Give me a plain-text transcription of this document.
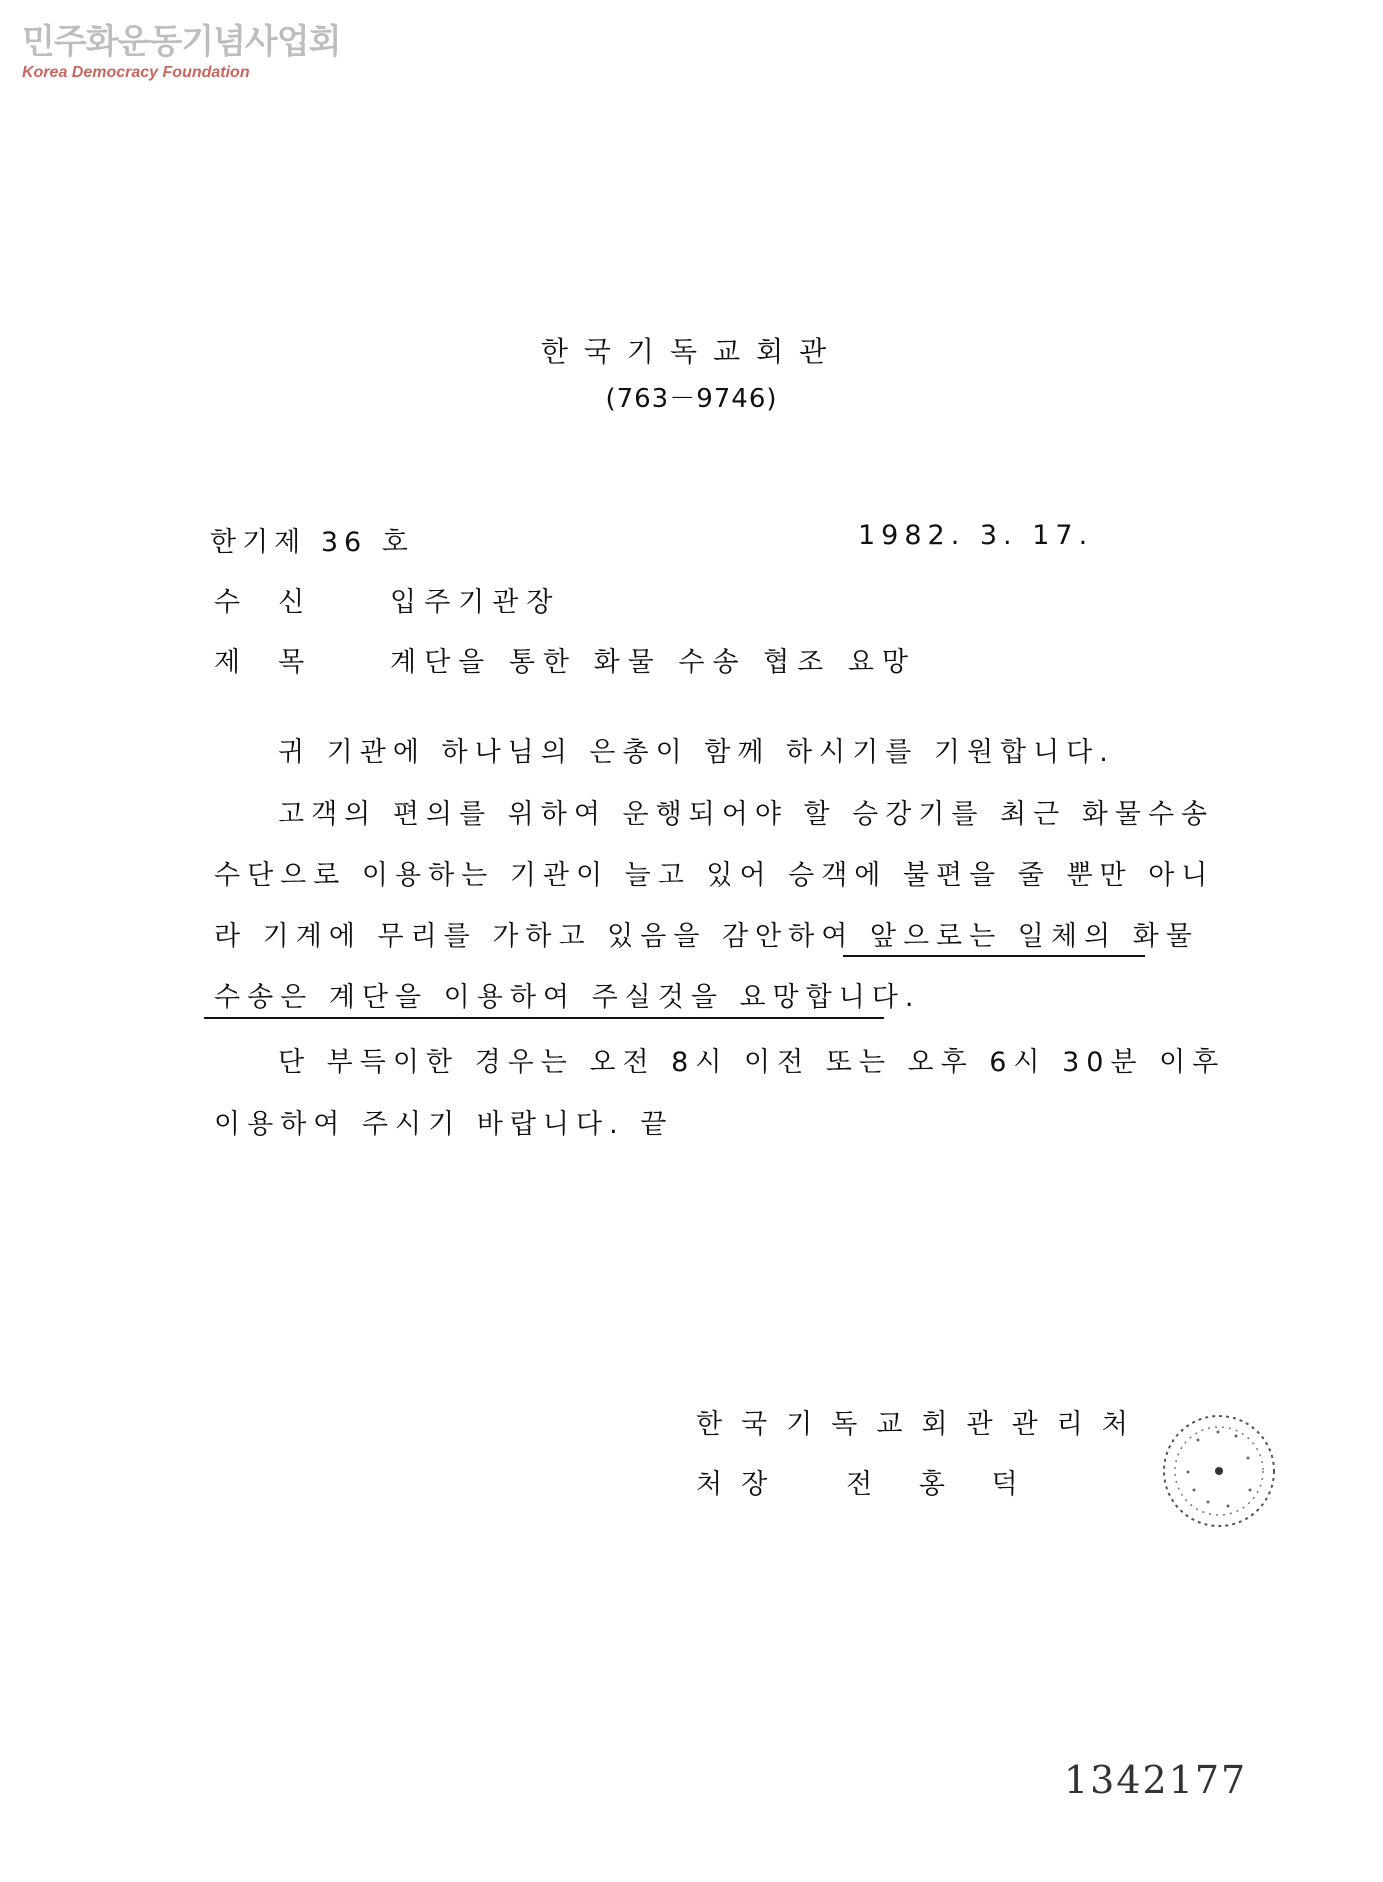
민주화운동기념사업회
Korea Democracy Foundation
한국기독교회관
(763－9746)
한기제 36 호	1982. 3. 17.
수신 입주기관장
제목 계단을 통한 화물 수송 협조 요망
귀 기관에 하나님의 은총이 함께 하시기를 기원합니다.
고객의 편의를 위하여 운행되어야 할 승강기를 최근 화물수송
수단으로 이용하는 기관이 늘고 있어 승객에 불편을 줄 뿐만 아니
라 기계에 무리를 가하고 있음을 감안하여 앞으로는 일체의 화물
수송은 계단을 이용하여 주실것을 요망합니다.
단 부득이한 경우는 오전 8시 이전 또는 오후 6시 30분 이후
이용하여 주시기 바랍니다. 끝
한국기독교회관관리처
처장 전 홍 덕
1342177
